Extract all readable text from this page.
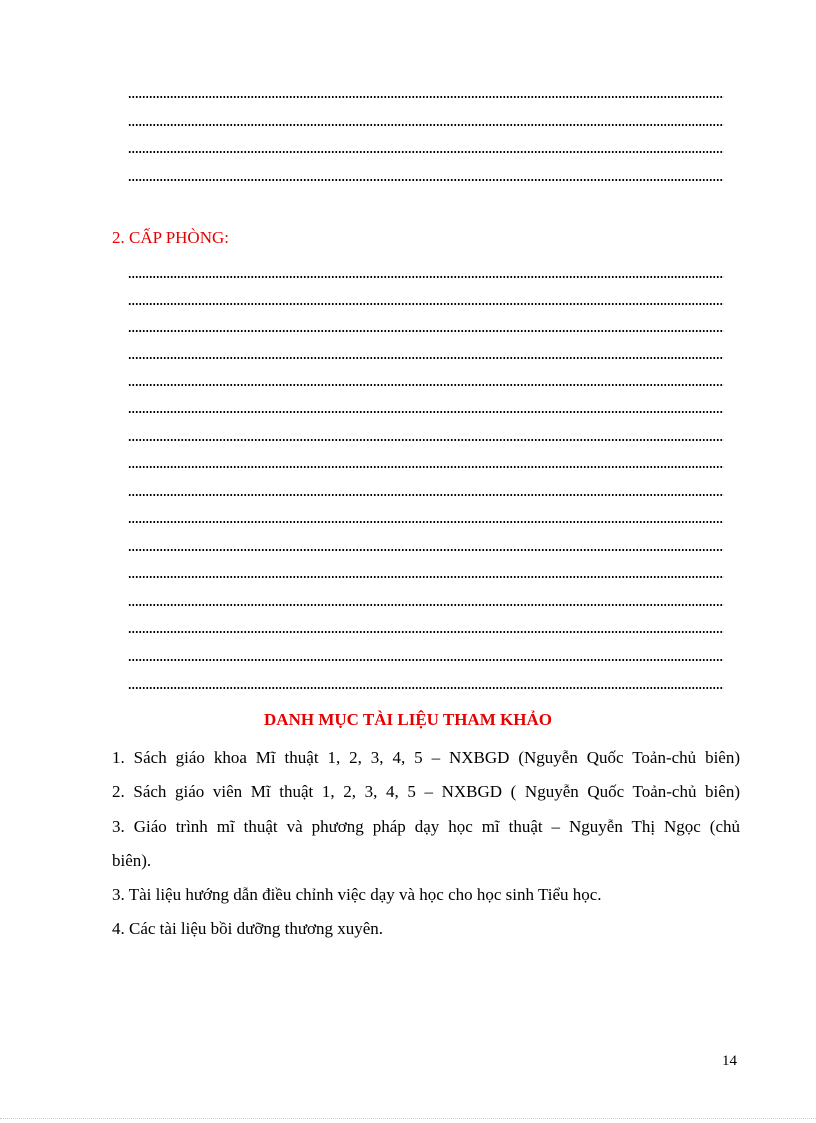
2. CẤP PHÒNG:
DANH MỤC TÀI LIỆU THAM KHẢO
1. Sách giáo khoa Mĩ thuật 1, 2, 3, 4, 5 – NXBGD (Nguyễn Quốc Toản-chủ biên)
2. Sách giáo viên Mĩ thuật 1, 2, 3, 4, 5 – NXBGD ( Nguyễn Quốc Toản-chủ biên)
3. Giáo trình mĩ thuật và phương pháp dạy học mĩ thuật – Nguyễn Thị Ngọc (chủ
biên).
3. Tài liệu hướng dẫn điều chỉnh việc dạy và học cho học sinh Tiểu học.
4. Các tài liệu bồi dưỡng thương xuyên.
14
